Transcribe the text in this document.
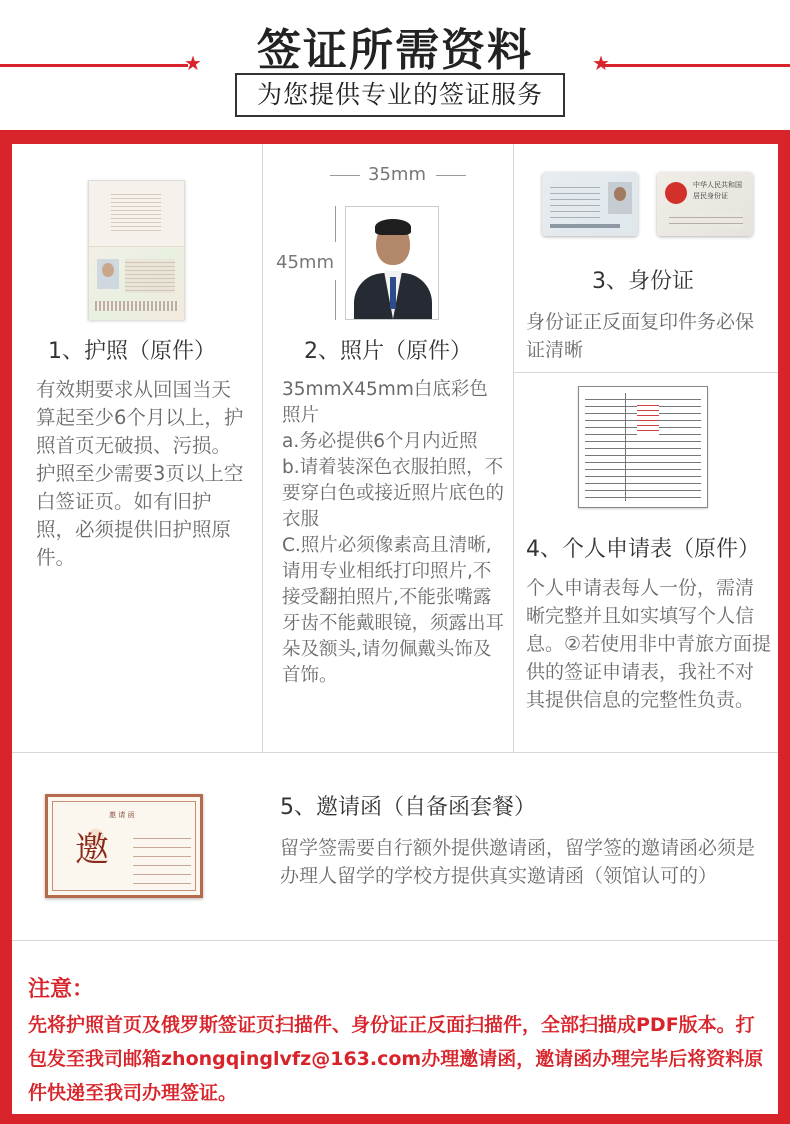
签证所需资料
★	★
为您提供专业的签证服务
1、护照（原件）
有效期要求从回国当天算起至少6个月以上，护照首页无破损、污损。护照至少需要3页以上空白签证页。如有旧护照，必须提供旧护照原件。
35mm
45mm
2、照片（原件）
35mmX45mm白底彩色照片
a.务必提供6个月内近照
b.请着装深色衣服拍照，不要穿白色或接近照片底色的衣服
C.照片必须像素高且清晰,请用专业相纸打印照片,不接受翻拍照片,不能张嘴露牙齿不能戴眼镜，须露出耳朵及额头,请勿佩戴头饰及首饰。
中华人民共和国
居民身份证
3、身份证
身份证正反面复印件务必保证清晰
4、个人申请表（原件）
个人申请表每人一份，需清晰完整并且如实填写个人信息。②若使用非中青旅方面提供的签证申请表，我社不对其提供信息的完整性负责。
邀 请 函
邀
5、邀请函（自备函套餐）
留学签需要自行额外提供邀请函，留学签的邀请函必须是办理人留学的学校方提供真实邀请函（领馆认可的）
注意：
先将护照首页及俄罗斯签证页扫描件、身份证正反面扫描件，全部扫描成PDF版本。打包发至我司邮箱zhongqinglvfz@163.com办理邀请函，邀请函办理完毕后将资料原件快递至我司办理签证。
